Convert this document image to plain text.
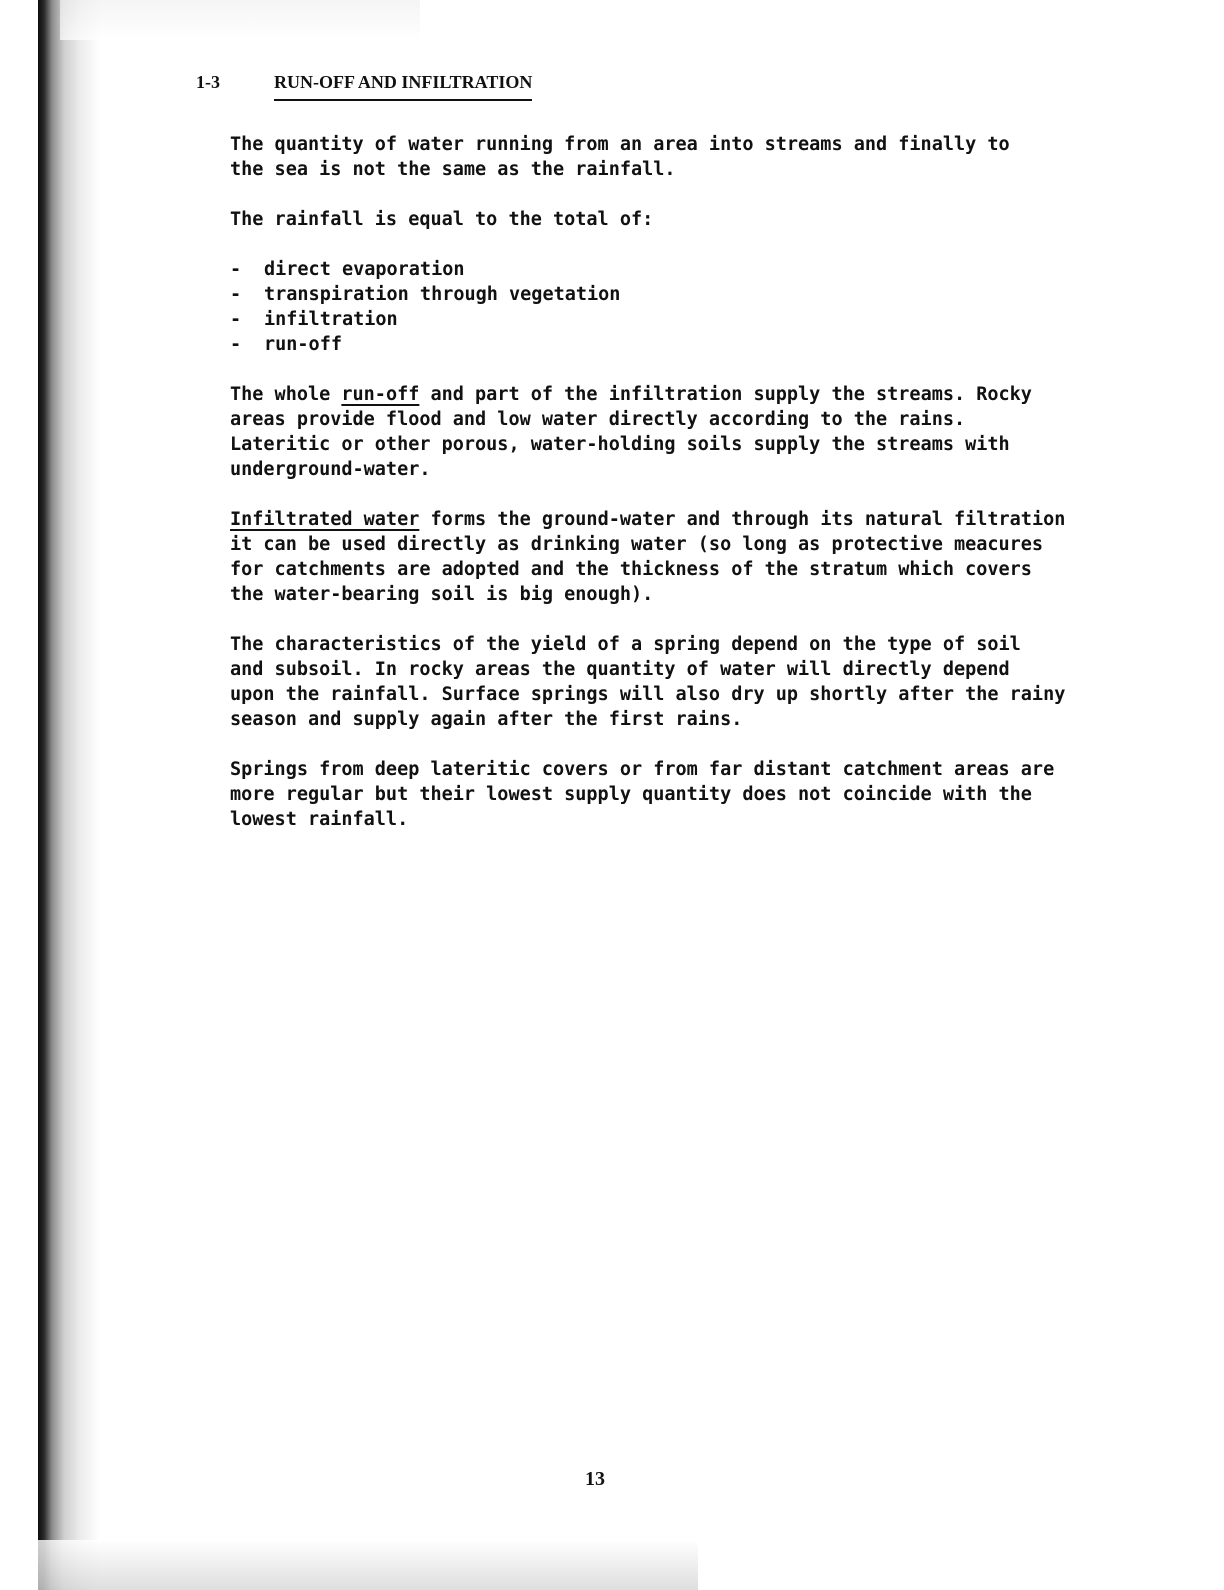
1-3	RUN-OFF AND INFILTRATION
The quantity of water running from an area into streams and finally to
the sea is not the same as the rainfall.
The rainfall is equal to the total of:
- direct evaporation
- transpiration through vegetation
- infiltration
- run-off
The whole run-off and part of the infiltration supply the streams. Rocky
areas provide flood and low water directly according to the rains.
Lateritic or other porous, water-holding soils supply the streams with
underground-water.
Infiltrated water forms the ground-water and through its natural filtration
it can be used directly as drinking water (so long as protective meacures
for catchments are adopted and the thickness of the stratum which covers
the water-bearing soil is big enough).
The characteristics of the yield of a spring depend on the type of soil
and subsoil. In rocky areas the quantity of water will directly depend
upon the rainfall. Surface springs will also dry up shortly after the rainy
season and supply again after the first rains.
Springs from deep lateritic covers or from far distant catchment areas are
more regular but their lowest supply quantity does not coincide with the
lowest rainfall.
13
